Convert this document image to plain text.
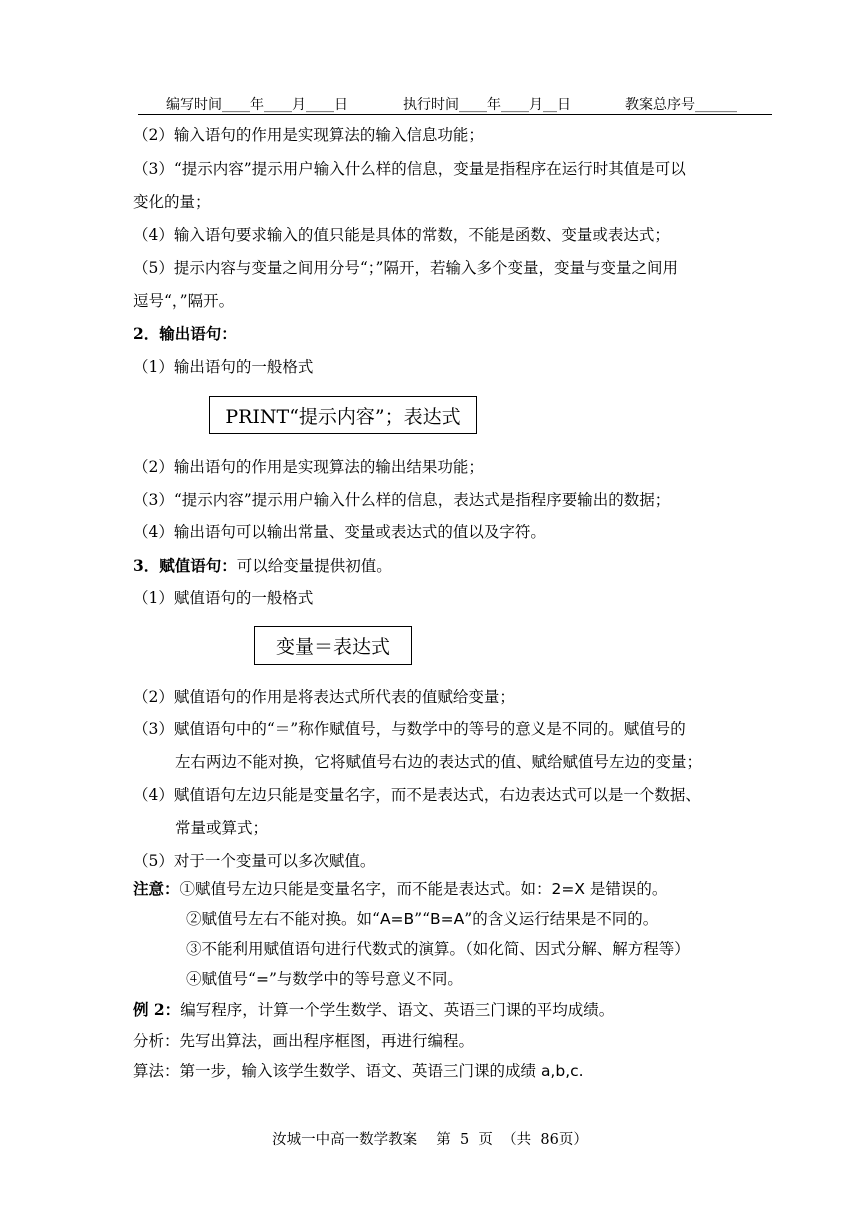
编写时间____年____月____日	执行时间____年____月__日	教案总序号______
（2）输入语句的作用是实现算法的输入信息功能；
（3）“提示内容”提示用户输入什么样的信息，变量是指程序在运行时其值是可以
变化的量；
（4）输入语句要求输入的值只能是具体的常数，不能是函数、变量或表达式；
（5）提示内容与变量之间用分号“；”隔开，若输入多个变量，变量与变量之间用
逗号“，”隔开。
2．输出语句：
（1）输出语句的一般格式
PRINT“提示内容”；表达式
（2）输出语句的作用是实现算法的输出结果功能；
（3）“提示内容”提示用户输入什么样的信息，表达式是指程序要输出的数据；
（4）输出语句可以输出常量、变量或表达式的值以及字符。
3．赋值语句：可以给变量提供初值。
（1）赋值语句的一般格式
变量＝表达式
（2）赋值语句的作用是将表达式所代表的值赋给变量；
（3）赋值语句中的“＝”称作赋值号，与数学中的等号的意义是不同的。赋值号的
左右两边不能对换，它将赋值号右边的表达式的值、赋给赋值号左边的变量；
（4）赋值语句左边只能是变量名字，而不是表达式，右边表达式可以是一个数据、
常量或算式；
（5）对于一个变量可以多次赋值。
注意：①赋值号左边只能是变量名字，而不能是表达式。如：2=X 是错误的。
②赋值号左右不能对换。如“A=B”“B=A”的含义运行结果是不同的。
③不能利用赋值语句进行代数式的演算。（如化简、因式分解、解方程等）
④赋值号“=”与数学中的等号意义不同。
例 2：编写程序，计算一个学生数学、语文、英语三门课的平均成绩。
分析：先写出算法，画出程序框图，再进行编程。
算法：第一步，输入该学生数学、语文、英语三门课的成绩 a,b,c.
汝城一中高一数学教案　 第  5  页  （共  86页）
